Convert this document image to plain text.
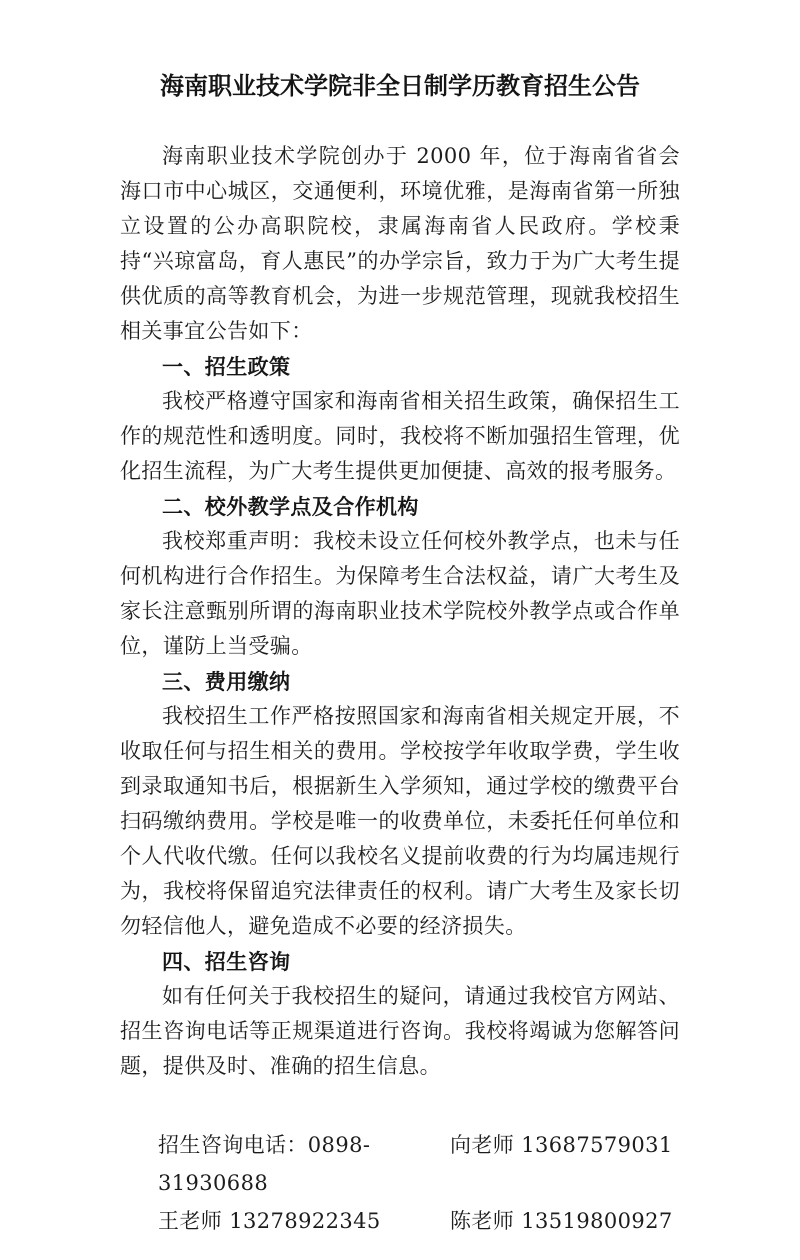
海南职业技术学院非全日制学历教育招生公告

海南职业技术学院创办于 2000 年，位于海南省省会海口市中心城区，交通便利，环境优雅，是海南省第一所独立设置的公办高职院校，隶属海南省人民政府。学校秉持“兴琼富岛，育人惠民”的办学宗旨，致力于为广大考生提供优质的高等教育机会，为进一步规范管理，现就我校招生相关事宜公告如下：

一、招生政策

我校严格遵守国家和海南省相关招生政策，确保招生工作的规范性和透明度。同时，我校将不断加强招生管理，优化招生流程，为广大考生提供更加便捷、高效的报考服务。

二、校外教学点及合作机构

我校郑重声明：我校未设立任何校外教学点，也未与任何机构进行合作招生。为保障考生合法权益，请广大考生及家长注意甄别所谓的海南职业技术学院校外教学点或合作单位，谨防上当受骗。

三、费用缴纳

我校招生工作严格按照国家和海南省相关规定开展，不收取任何与招生相关的费用。学校按学年收取学费，学生收到录取通知书后，根据新生入学须知，通过学校的缴费平台扫码缴纳费用。学校是唯一的收费单位，未委托任何单位和个人代收代缴。任何以我校名义提前收费的行为均属违规行为，我校将保留追究法律责任的权利。请广大考生及家长切勿轻信他人，避免造成不必要的经济损失。

四、招生咨询

如有任何关于我校招生的疑问，请通过我校官方网站、招生咨询电话等正规渠道进行咨询。我校将竭诚为您解答问题，提供及时、准确的招生信息。

招生咨询电话：0898-31930688
向老师 13687579031
王老师 13278922345	陈老师 13519800927
